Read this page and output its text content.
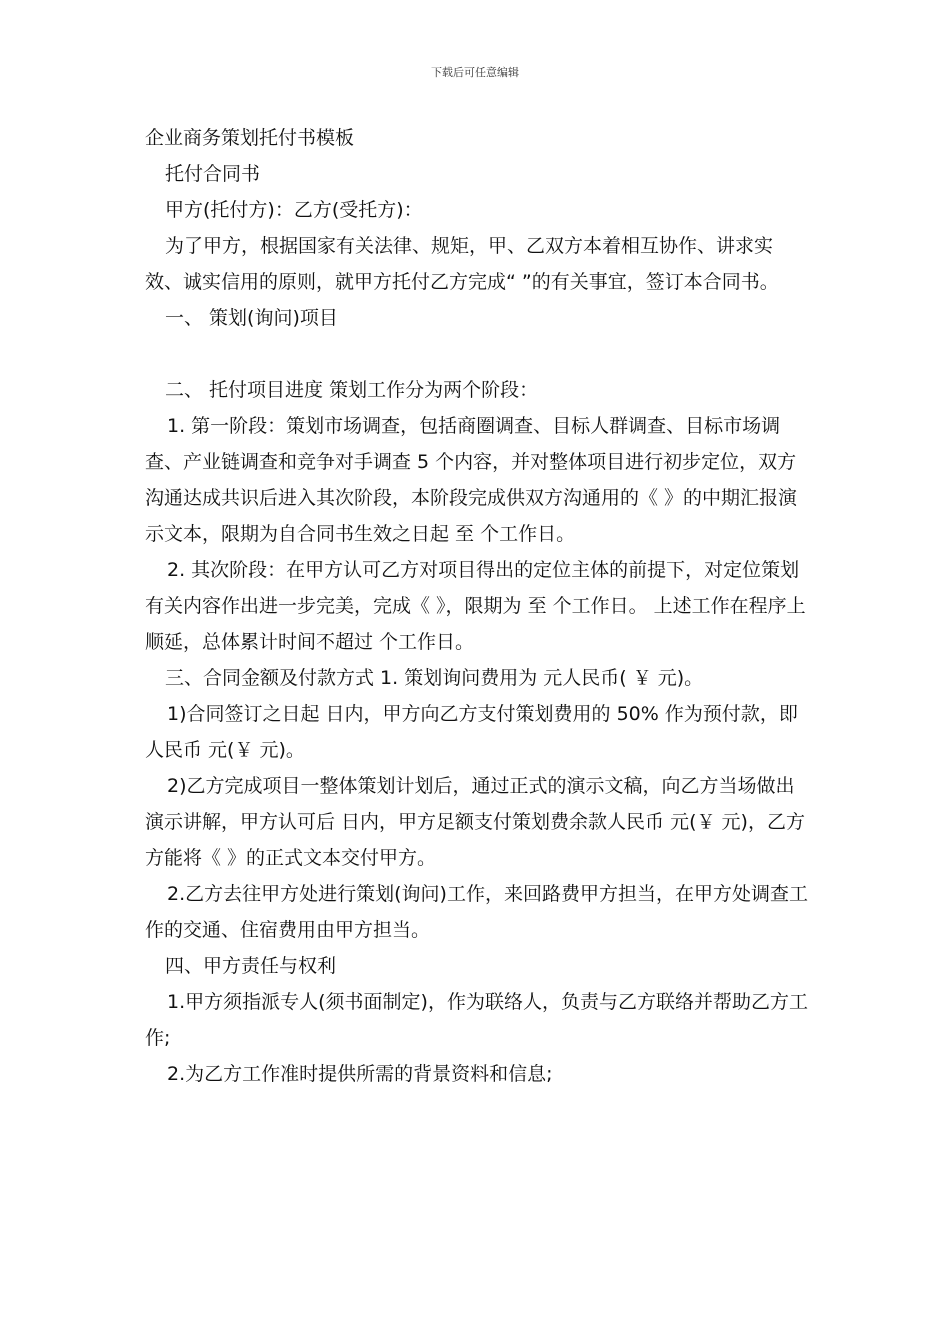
下载后可任意编辑

企业商务策划托付书模板

托付合同书

甲方(托付方)：乙方(受托方)：

为了甲方，根据国家有关法律、规矩，甲、乙双方本着相互协作、讲求实效、诚实信用的原则，就甲方托付乙方完成“ ”的有关事宜，签订本合同书。

一、 策划(询问)项目

二、 托付项目进度 策划工作分为两个阶段：

1. 第一阶段：策划市场调查，包括商圈调查、目标人群调查、目标市场调查、产业链调查和竞争对手调查 5 个内容，并对整体项目进行初步定位，双方沟通达成共识后进入其次阶段，本阶段完成供双方沟通用的《 》的中期汇报演示文本，限期为自合同书生效之日起 至 个工作日。

2. 其次阶段：在甲方认可乙方对项目得出的定位主体的前提下，对定位策划有关内容作出进一步完美，完成《 》，限期为 至 个工作日。 上述工作在程序上顺延，总体累计时间不超过 个工作日。

三、合同金额及付款方式 1. 策划询问费用为 元人民币( ￥ 元)。

1)合同签订之日起 日内，甲方向乙方支付策划费用的 50% 作为预付款，即人民币 元(￥ 元)。

2)乙方完成项目一整体策划计划后，通过正式的演示文稿，向乙方当场做出演示讲解，甲方认可后 日内，甲方足额支付策划费余款人民币 元(￥ 元)，乙方方能将《 》的正式文本交付甲方。

2.乙方去往甲方处进行策划(询问)工作，来回路费甲方担当，在甲方处调查工作的交通、住宿费用由甲方担当。

四、甲方责任与权利

1.甲方须指派专人(须书面制定)，作为联络人，负责与乙方联络并帮助乙方工作;

2.为乙方工作准时提供所需的背景资料和信息;
